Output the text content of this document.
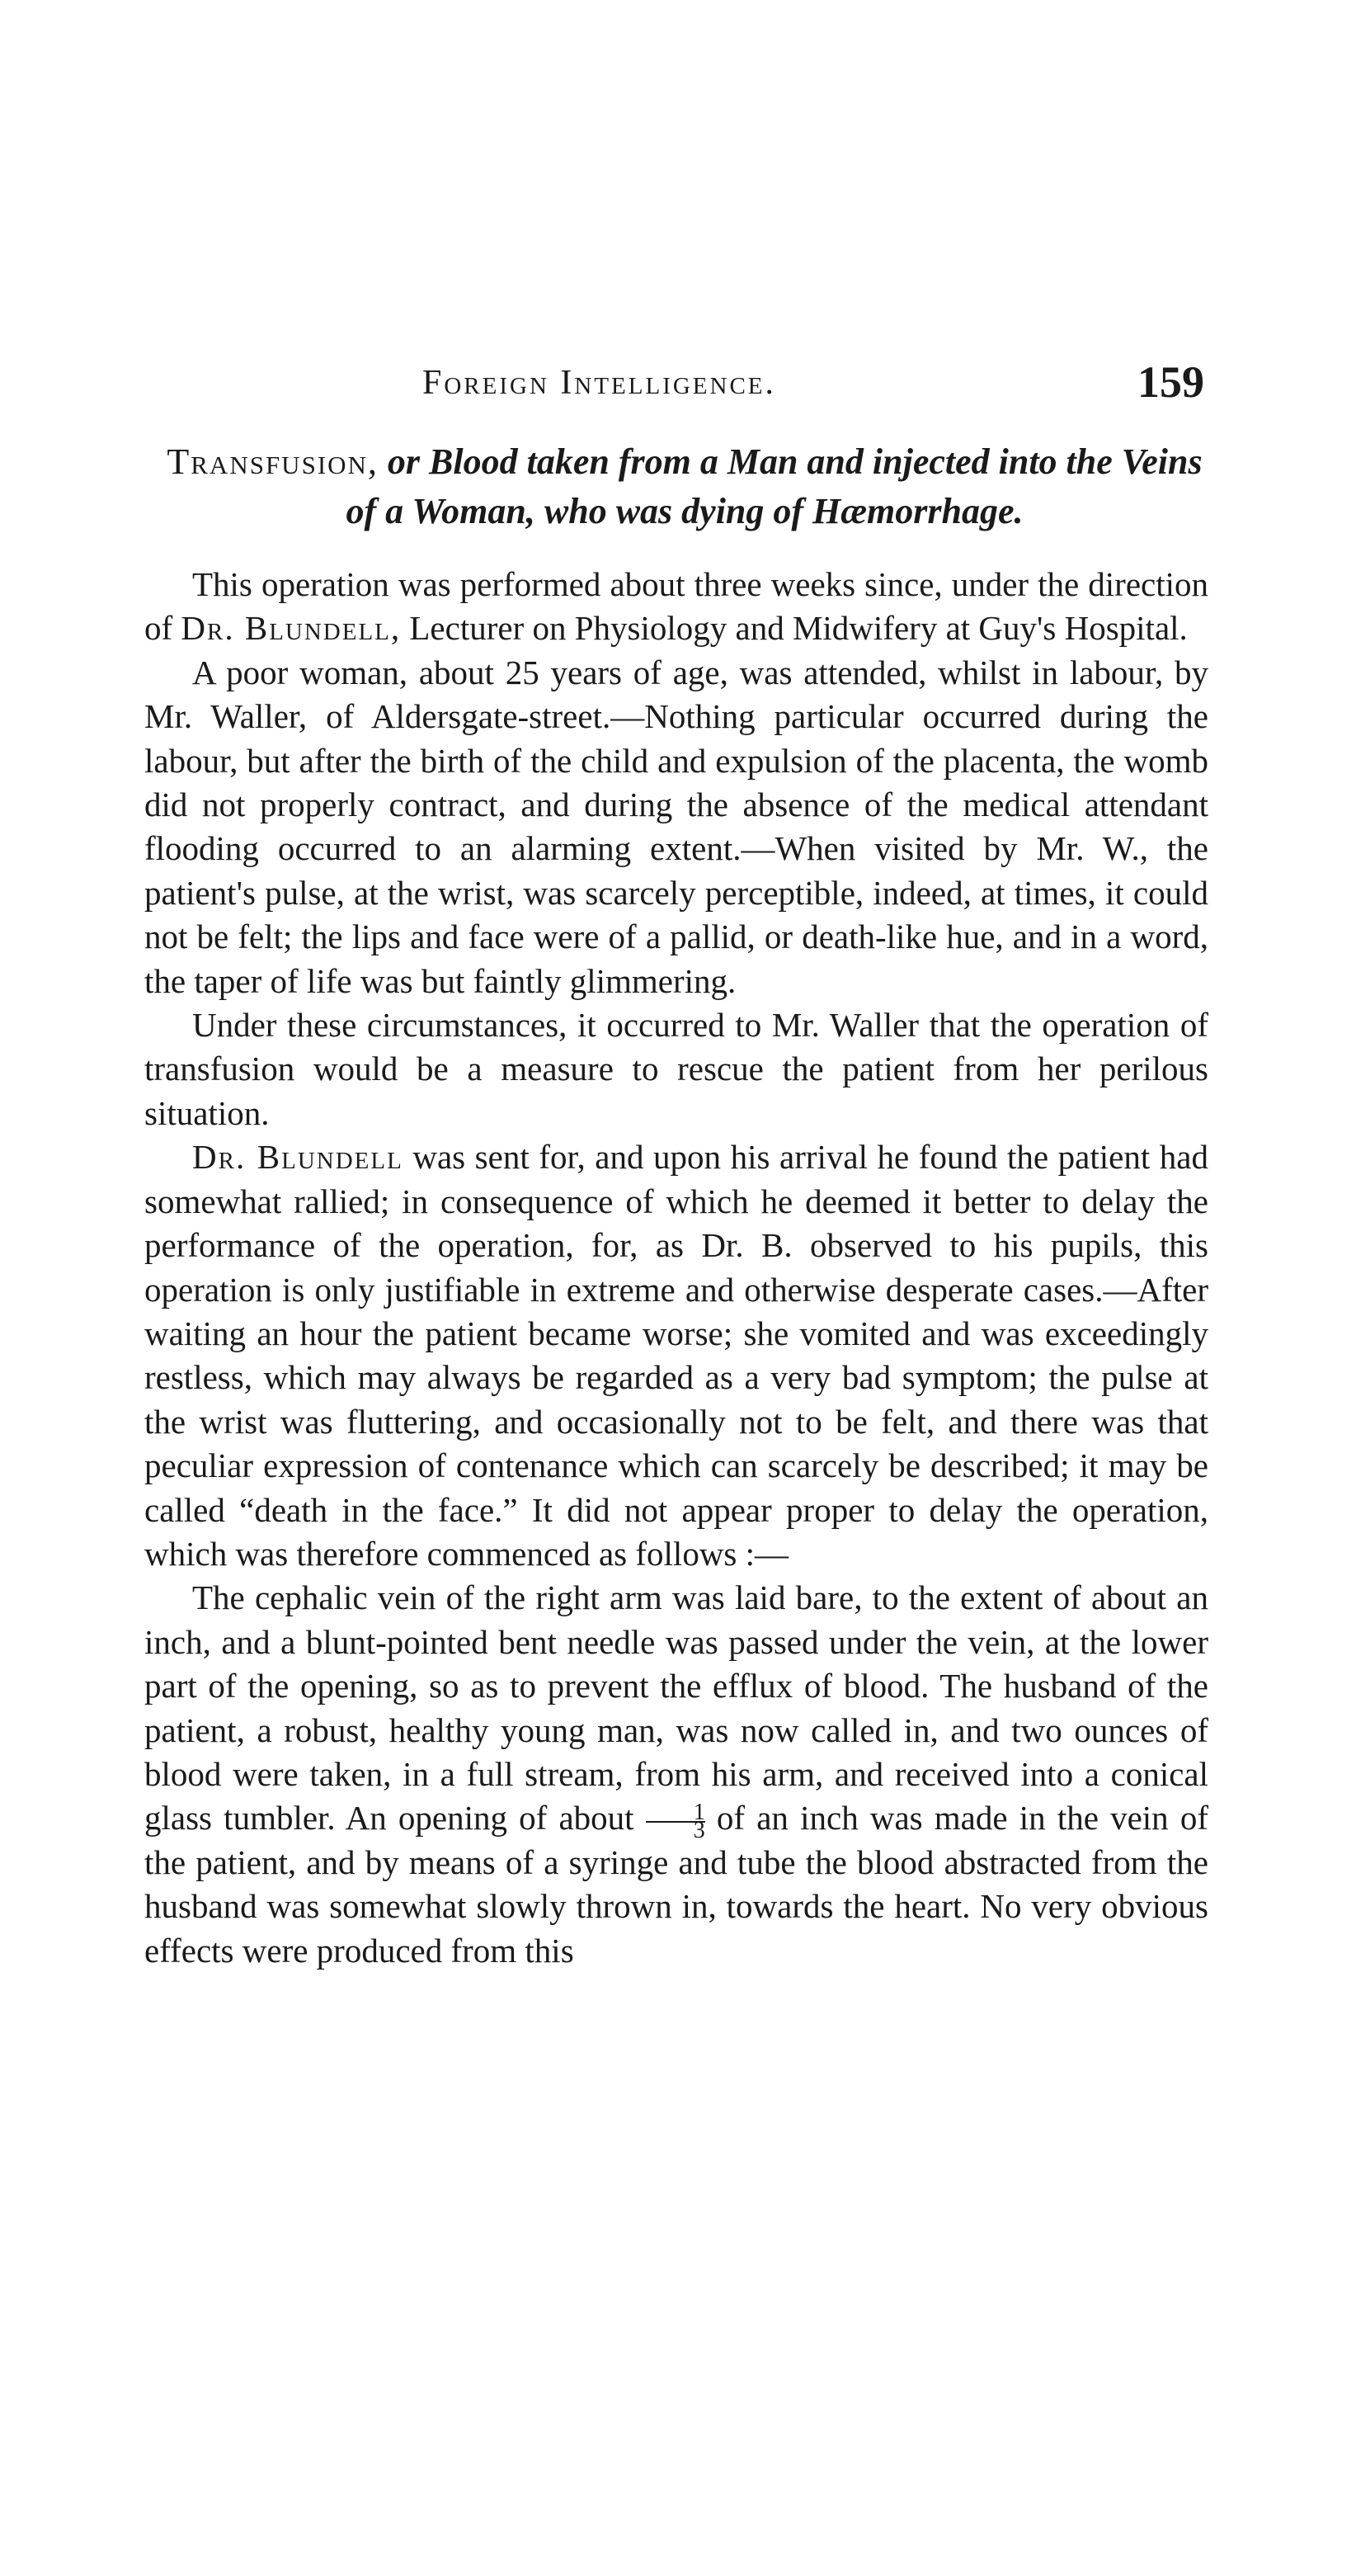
Foreign Intelligence.	159
Transfusion, or Blood taken from a Man and injected into the Veins of a Woman, who was dying of Hæmorrhage.

This operation was performed about three weeks since, under the direction of Dr. Blundell, Lecturer on Physiology and Midwifery at Guy's Hospital.

A poor woman, about 25 years of age, was attended, whilst in labour, by Mr. Waller, of Aldersgate-street.—Nothing particular occurred during the labour, but after the birth of the child and expulsion of the placenta, the womb did not properly contract, and during the absence of the medical attendant flooding occurred to an alarming extent.—When visited by Mr. W., the patient's pulse, at the wrist, was scarcely perceptible, indeed, at times, it could not be felt; the lips and face were of a pallid, or death-like hue, and in a word, the taper of life was but faintly glimmering.

Under these circumstances, it occurred to Mr. Waller that the operation of transfusion would be a measure to rescue the patient from her perilous situation.

Dr. Blundell was sent for, and upon his arrival he found the patient had somewhat rallied; in consequence of which he deemed it better to delay the performance of the operation, for, as Dr. B. observed to his pupils, this operation is only justifiable in extreme and otherwise desperate cases.—After waiting an hour the patient became worse; she vomited and was exceedingly restless, which may always be regarded as a very bad symptom; the pulse at the wrist was fluttering, and occasionally not to be felt, and there was that peculiar expression of contenance which can scarcely be described; it may be called “death in the face.” It did not appear proper to delay the operation, which was therefore commenced as follows :—

The cephalic vein of the right arm was laid bare, to the extent of about an inch, and a blunt-pointed bent needle was passed under the vein, at the lower part of the opening, so as to prevent the efflux of blood. The husband of the patient, a robust, healthy young man, was now called in, and two ounces of blood were taken, in a full stream, from his arm, and received into a conical glass tumbler. An opening of about $\frac{1}{3}$ of an inch was made in the vein of the patient, and by means of a syringe and tube the blood abstracted from the husband was somewhat slowly thrown in, towards the heart. No very obvious effects were produced from this
